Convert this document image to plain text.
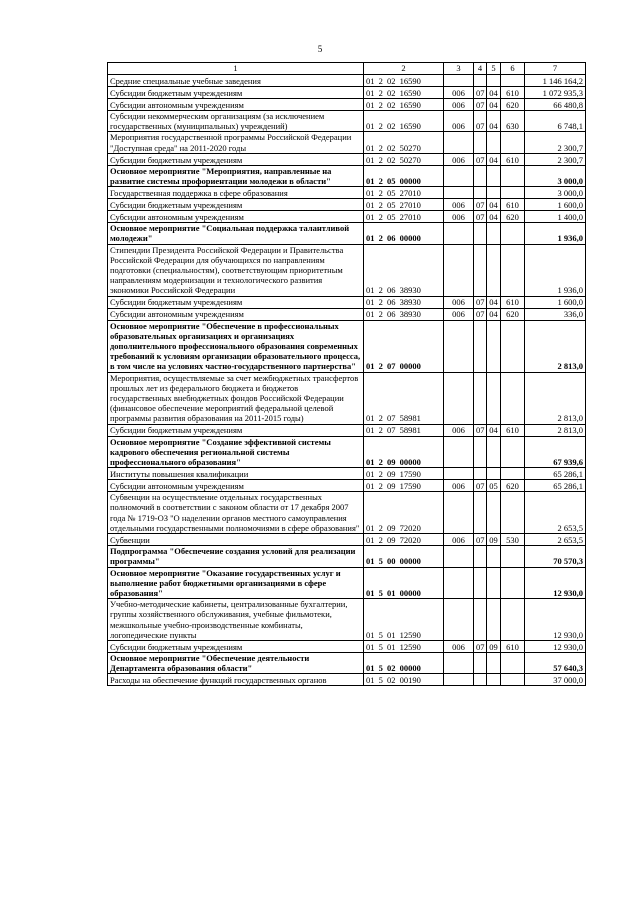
5
1	2	3	4	5	6	7
Средние специальные учебные заведения	01 2 02 16590					1 146 164,2
Субсидии бюджетным учреждениям	01 2 02 16590	006	07	04	610	1 072 935,3
Субсидии автономным учреждениям	01 2 02 16590	006	07	04	620	66 480,8
Субсидии некоммерческим организациям (за исключением государственных (муниципальных) учреждений)	01 2 02 16590	006	07	04	630	6 748,1
Мероприятия государственной программы Российской Федерации "Доступная среда" на 2011-2020 годы	01 2 02 50270					2 300,7
Субсидии бюджетным учреждениям	01 2 02 50270	006	07	04	610	2 300,7
Основное мероприятие "Мероприятия, направленные на развитие системы профориентации молодежи в области"	01 2 05 00000					3 000,0
Государственная поддержка в сфере образования	01 2 05 27010					3 000,0
Субсидии бюджетным учреждениям	01 2 05 27010	006	07	04	610	1 600,0
Субсидии автономным учреждениям	01 2 05 27010	006	07	04	620	1 400,0
Основное мероприятие "Социальная поддержка талантливой молодежи"	01 2 06 00000					1 936,0
Стипендии Президента Российской Федерации и Правительства Российской Федерации для обучающихся по направлениям подготовки (специальностям), соответствующим приоритетным направлениям модернизации и технологического развития экономики Российской Федерации	01 2 06 38930					1 936,0
Субсидии бюджетным учреждениям	01 2 06 38930	006	07	04	610	1 600,0
Субсидии автономным учреждениям	01 2 06 38930	006	07	04	620	336,0
Основное мероприятие "Обеспечение в профессиональных образовательных организациях и организациях дополнительного профессионального образования современных требований к условиям организации образовательного процесса, в том числе на условиях частно-государственного партнерства"	01 2 07 00000					2 813,0
Мероприятия, осуществляемые за счет межбюджетных трансфертов прошлых лет из федерального бюджета и бюджетов государственных внебюджетных фондов Российской Федерации (финансовое обеспечение мероприятий федеральной целевой программы развития образования на 2011-2015 годы)	01 2 07 58981					2 813,0
Субсидии бюджетным учреждениям	01 2 07 58981	006	07	04	610	2 813,0
Основное мероприятие "Создание эффективной системы кадрового обеспечения региональной системы профессионального образования"	01 2 09 00000					67 939,6
Институты повышения квалификации	01 2 09 17590					65 286,1
Субсидии автономным учреждениям	01 2 09 17590	006	07	05	620	65 286,1
Субвенции на осуществление отдельных государственных полномочий в соответствии с законом области от 17 декабря 2007 года № 1719-ОЗ "О наделении органов местного самоуправления отдельными государственными полномочиями в сфере образования"	01 2 09 72020					2 653,5
Субвенции	01 2 09 72020	006	07	09	530	2 653,5
Подпрограмма "Обеспечение создания условий для реализации программы"	01 5 00 00000					70 570,3
Основное мероприятие "Оказание государственных услуг и выполнение работ бюджетными организациями в сфере образования"	01 5 01 00000					12 930,0
Учебно-методические кабинеты, централизованные бухгалтерии, группы хозяйственного обслуживания, учебные фильмотеки, межшкольные учебно-производственные комбинаты, логопедические пункты	01 5 01 12590					12 930,0
Субсидии бюджетным учреждениям	01 5 01 12590	006	07	09	610	12 930,0
Основное мероприятие "Обеспечение деятельности Департамента образования области"	01 5 02 00000					57 640,3
Расходы на обеспечение функций государственных органов	01 5 02 00190					37 000,0
